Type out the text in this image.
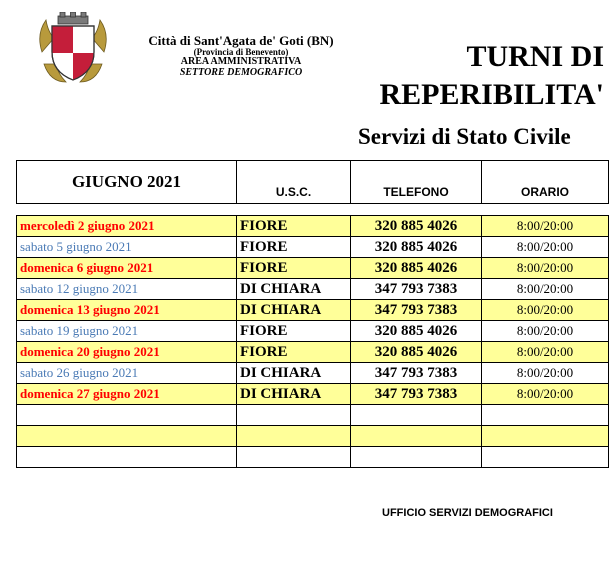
Città di Sant'Agata de' Goti (BN)
(Provincia di Benevento)
AREA AMMINISTRATIVA
SETTORE DEMOGRAFICO	TURNI DI
REPERIBILITA'
Servizi di Stato Civile
GIUGNO 2021	U.S.C.	TELEFONO	ORARIO

mercoledì 2 giugno 2021	FIORE	320 885 4026	8:00/20:00
sabato 5 giugno 2021	FIORE	320 885 4026	8:00/20:00
domenica 6 giugno 2021	FIORE	320 885 4026	8:00/20:00
sabato 12 giugno 2021	DI CHIARA	347 793 7383	8:00/20:00
domenica 13 giugno 2021	DI CHIARA	347 793 7383	8:00/20:00
sabato 19 giugno 2021	FIORE	320 885 4026	8:00/20:00
domenica 20 giugno 2021	FIORE	320 885 4026	8:00/20:00
sabato 26 giugno 2021	DI CHIARA	347 793 7383	8:00/20:00
domenica 27 giugno 2021	DI CHIARA	347 793 7383	8:00/20:00

UFFICIO SERVIZI DEMOGRAFICI
